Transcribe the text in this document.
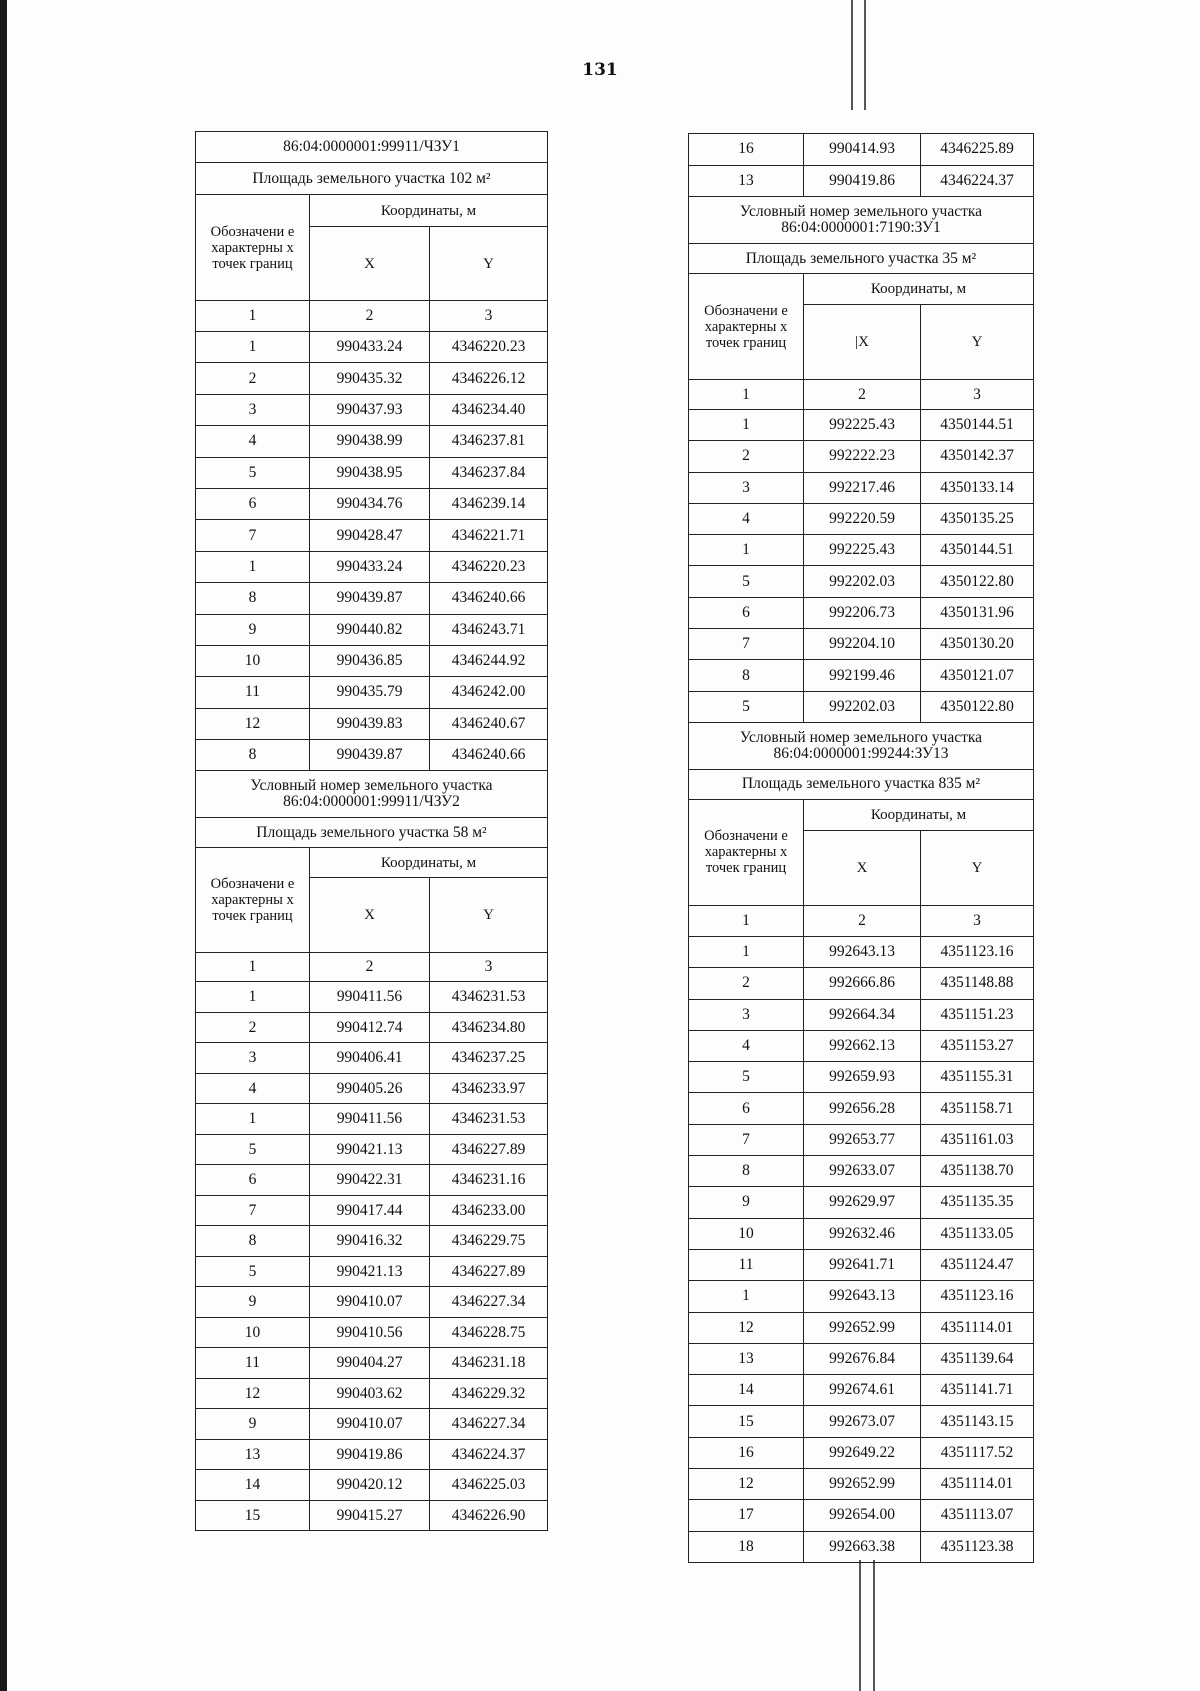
131
86:04:0000001:99911/ЧЗУ1		
Площадь земельного участка 102 м²		
Обозначени е характерны х точек границ	Координаты, м	
	X	Y
1	2	3
1	990433.24	4346220.23
2	990435.32	4346226.12
3	990437.93	4346234.40
4	990438.99	4346237.81
5	990438.95	4346237.84
6	990434.76	4346239.14
7	990428.47	4346221.71
1	990433.24	4346220.23
8	990439.87	4346240.66
9	990440.82	4346243.71
10	990436.85	4346244.92
11	990435.79	4346242.00
12	990439.83	4346240.67
8	990439.87	4346240.66
Условный номер земельного участка 86:04:0000001:99911/ЧЗУ2		
Площадь земельного участка 58 м²		
Обозначени е характерны х точек границ	Координаты, м	
	X	Y
1	2	3
1	990411.56	4346231.53
2	990412.74	4346234.80
3	990406.41	4346237.25
4	990405.26	4346233.97
1	990411.56	4346231.53
5	990421.13	4346227.89
6	990422.31	4346231.16
7	990417.44	4346233.00
8	990416.32	4346229.75
5	990421.13	4346227.89
9	990410.07	4346227.34
10	990410.56	4346228.75
11	990404.27	4346231.18
12	990403.62	4346229.32
9	990410.07	4346227.34
13	990419.86	4346224.37
14	990420.12	4346225.03
15	990415.27	4346226.90
16	990414.93	4346225.89
13	990419.86	4346224.37
Условный номер земельного участка 86:04:0000001:7190:ЗУ1		
Площадь земельного участка 35 м²		
Обозначени е характерны х точек границ	Координаты, м	
	|X	Y
1	2	3
1	992225.43	4350144.51
2	992222.23	4350142.37
3	992217.46	4350133.14
4	992220.59	4350135.25
1	992225.43	4350144.51
5	992202.03	4350122.80
6	992206.73	4350131.96
7	992204.10	4350130.20
8	992199.46	4350121.07
5	992202.03	4350122.80
Условный номер земельного участка 86:04:0000001:99244:ЗУ13		
Площадь земельного участка 835 м²		
Обозначени е характерны х точек границ	Координаты, м	
	X	Y
1	2	3
1	992643.13	4351123.16
2	992666.86	4351148.88
3	992664.34	4351151.23
4	992662.13	4351153.27
5	992659.93	4351155.31
6	992656.28	4351158.71
7	992653.77	4351161.03
8	992633.07	4351138.70
9	992629.97	4351135.35
10	992632.46	4351133.05
11	992641.71	4351124.47
1	992643.13	4351123.16
12	992652.99	4351114.01
13	992676.84	4351139.64
14	992674.61	4351141.71
15	992673.07	4351143.15
16	992649.22	4351117.52
12	992652.99	4351114.01
17	992654.00	4351113.07
18	992663.38	4351123.38
